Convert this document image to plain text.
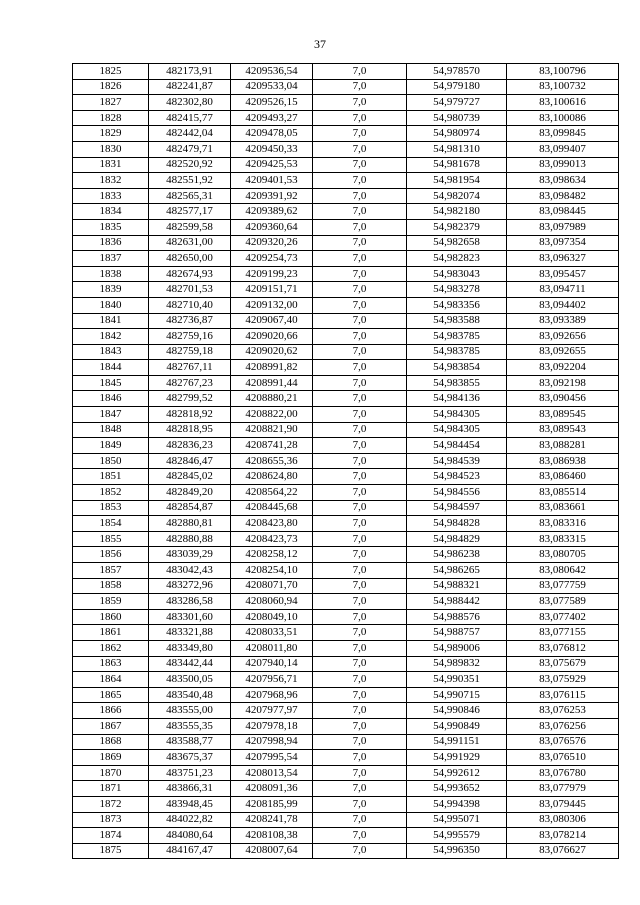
37
1825	482173,91	4209536,54	7,0	54,978570	83,100796
1826	482241,87	4209533,04	7,0	54,979180	83,100732
1827	482302,80	4209526,15	7,0	54,979727	83,100616
1828	482415,77	4209493,27	7,0	54,980739	83,100086
1829	482442,04	4209478,05	7,0	54,980974	83,099845
1830	482479,71	4209450,33	7,0	54,981310	83,099407
1831	482520,92	4209425,53	7,0	54,981678	83,099013
1832	482551,92	4209401,53	7,0	54,981954	83,098634
1833	482565,31	4209391,92	7,0	54,982074	83,098482
1834	482577,17	4209389,62	7,0	54,982180	83,098445
1835	482599,58	4209360,64	7,0	54,982379	83,097989
1836	482631,00	4209320,26	7,0	54,982658	83,097354
1837	482650,00	4209254,73	7,0	54,982823	83,096327
1838	482674,93	4209199,23	7,0	54,983043	83,095457
1839	482701,53	4209151,71	7,0	54,983278	83,094711
1840	482710,40	4209132,00	7,0	54,983356	83,094402
1841	482736,87	4209067,40	7,0	54,983588	83,093389
1842	482759,16	4209020,66	7,0	54,983785	83,092656
1843	482759,18	4209020,62	7,0	54,983785	83,092655
1844	482767,11	4208991,82	7,0	54,983854	83,092204
1845	482767,23	4208991,44	7,0	54,983855	83,092198
1846	482799,52	4208880,21	7,0	54,984136	83,090456
1847	482818,92	4208822,00	7,0	54,984305	83,089545
1848	482818,95	4208821,90	7,0	54,984305	83,089543
1849	482836,23	4208741,28	7,0	54,984454	83,088281
1850	482846,47	4208655,36	7,0	54,984539	83,086938
1851	482845,02	4208624,80	7,0	54,984523	83,086460
1852	482849,20	4208564,22	7,0	54,984556	83,085514
1853	482854,87	4208445,68	7,0	54,984597	83,083661
1854	482880,81	4208423,80	7,0	54,984828	83,083316
1855	482880,88	4208423,73	7,0	54,984829	83,083315
1856	483039,29	4208258,12	7,0	54,986238	83,080705
1857	483042,43	4208254,10	7,0	54,986265	83,080642
1858	483272,96	4208071,70	7,0	54,988321	83,077759
1859	483286,58	4208060,94	7,0	54,988442	83,077589
1860	483301,60	4208049,10	7,0	54,988576	83,077402
1861	483321,88	4208033,51	7,0	54,988757	83,077155
1862	483349,80	4208011,80	7,0	54,989006	83,076812
1863	483442,44	4207940,14	7,0	54,989832	83,075679
1864	483500,05	4207956,71	7,0	54,990351	83,075929
1865	483540,48	4207968,96	7,0	54,990715	83,076115
1866	483555,00	4207977,97	7,0	54,990846	83,076253
1867	483555,35	4207978,18	7,0	54,990849	83,076256
1868	483588,77	4207998,94	7,0	54,991151	83,076576
1869	483675,37	4207995,54	7,0	54,991929	83,076510
1870	483751,23	4208013,54	7,0	54,992612	83,076780
1871	483866,31	4208091,36	7,0	54,993652	83,077979
1872	483948,45	4208185,99	7,0	54,994398	83,079445
1873	484022,82	4208241,78	7,0	54,995071	83,080306
1874	484080,64	4208108,38	7,0	54,995579	83,078214
1875	484167,47	4208007,64	7,0	54,996350	83,076627
